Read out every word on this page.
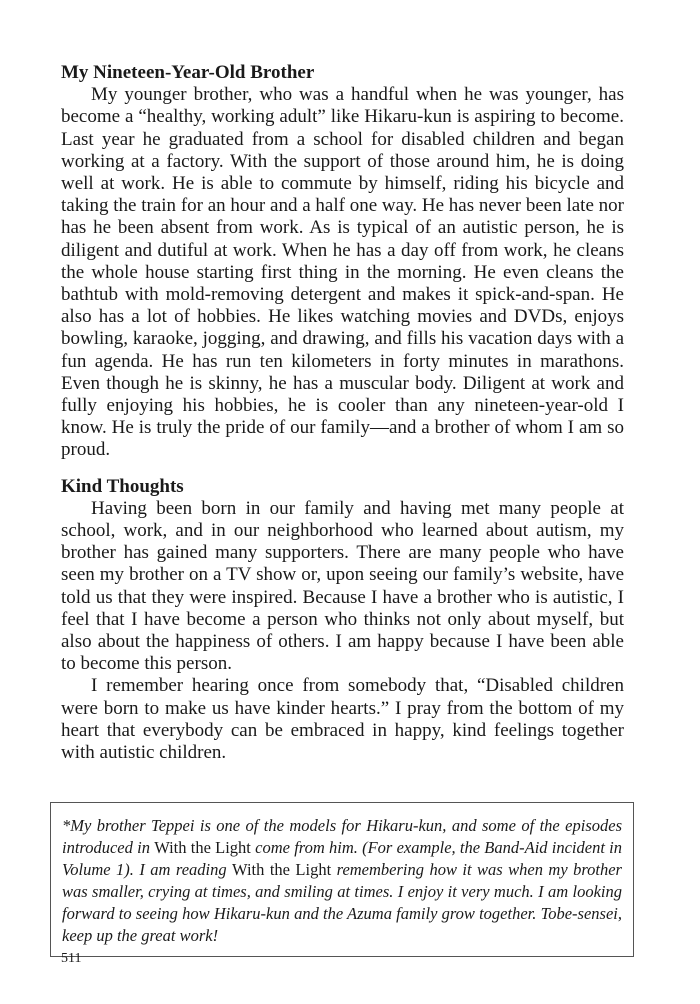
My Nineteen-Year-Old Brother

My younger brother, who was a handful when he was younger, has become a “healthy, working adult” like Hikaru-kun is aspiring to become. Last year he graduated from a school for disabled children and began working at a factory. With the support of those around him, he is doing well at work. He is able to commute by himself, riding his bicycle and taking the train for an hour and a half one way. He has never been late nor has he been absent from work. As is typical of an autistic person, he is diligent and dutiful at work. When he has a day off from work, he cleans the whole house starting first thing in the morning. He even cleans the bathtub with mold-removing detergent and makes it spick-and-span. He also has a lot of hobbies. He likes watching movies and DVDs, enjoys bowling, karaoke, jogging, and drawing, and fills his vacation days with a fun agenda. He has run ten kilometers in forty minutes in marathons. Even though he is skinny, he has a muscular body. Diligent at work and fully enjoying his hobbies, he is cooler than any nineteen-year-old I know. He is truly the pride of our family—and a brother of whom I am so proud.

Kind Thoughts

Having been born in our family and having met many people at school, work, and in our neighborhood who learned about autism, my brother has gained many supporters. There are many people who have seen my brother on a TV show or, upon seeing our family’s website, have told us that they were inspired. Because I have a brother who is autistic, I feel that I have become a person who thinks not only about myself, but also about the happiness of others. I am happy because I have been able to become this person.

I remember hearing once from somebody that, “Disabled children were born to make us have kinder hearts.” I pray from the bottom of my heart that everybody can be embraced in happy, kind feelings together with autistic children.

*My brother Teppei is one of the models for Hikaru-kun, and some of the episodes introduced in With the Light come from him. (For example, the Band-Aid incident in Volume 1). I am reading With the Light remembering how it was when my brother was smaller, crying at times, and smiling at times. I enjoy it very much. I am looking forward to seeing how Hikaru-kun and the Azuma family grow together. Tobe-sensei, keep up the great work!
511
